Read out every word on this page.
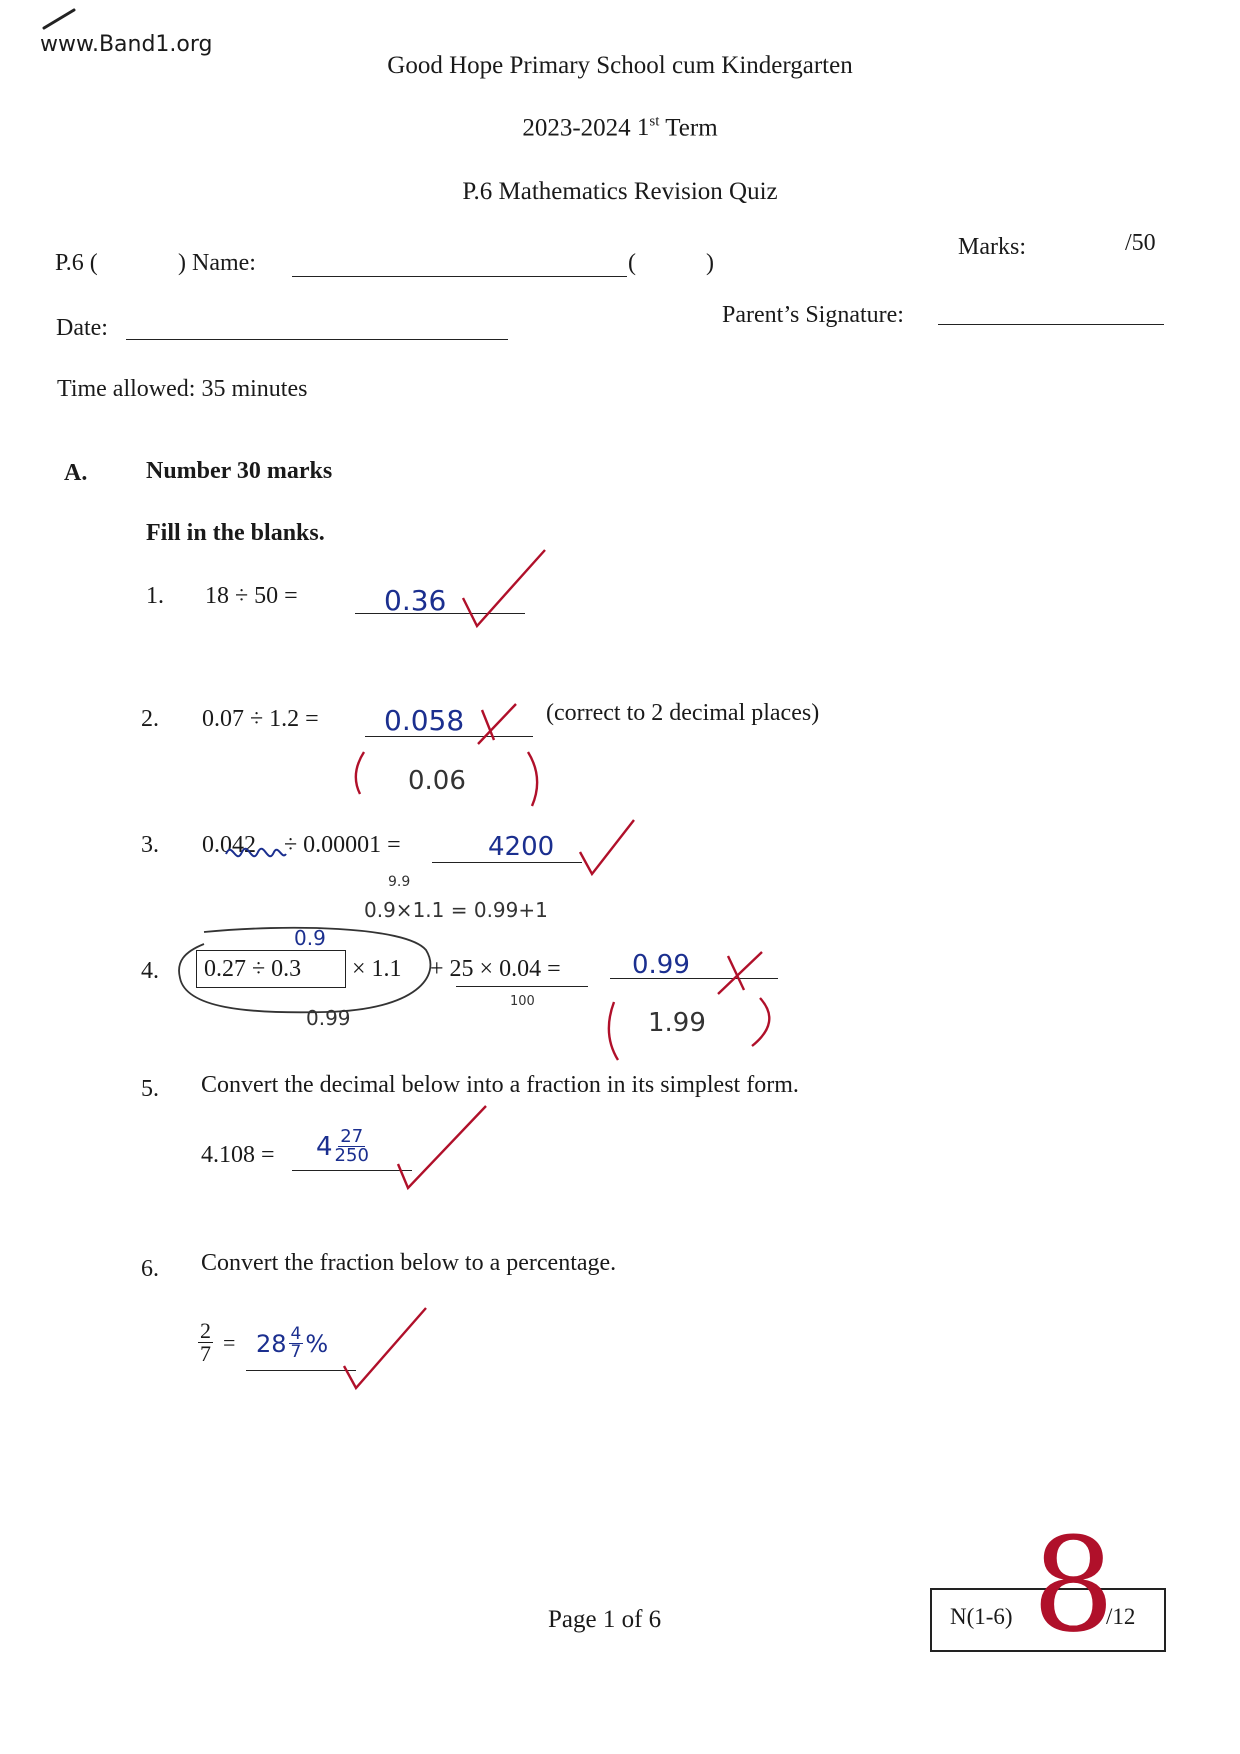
www.Band1.org
Good Hope Primary School cum Kindergarten
2023-2024 1st Term
P.6 Mathematics Revision Quiz
P.6 (	) Name:	(	)
Marks:	/50
Date:	Parent’s Signature:
Time allowed: 35 minutes
A. Number 30 marks
Fill in the blanks.
1. 18 ÷ 50 =	0.36
2. 0.07 ÷ 1.2 = 0.058	(correct to 2 decimal places)
0.06
3. 0.042 ÷ 0.00001 =	4200
9.9
0.9×1.1 = 0.99+1
0.9
4. 0.27 ÷ 0.3 × 1.1 + 25 × 0.04 =	0.99
100
0.99	1.99
5. Convert the decimal below into a fraction in its simplest form.
$4.108 = 4 \frac{27}{250}$
6. Convert the fraction below to a percentage.
$\frac{2}{7} = 28 \frac{4}{7}$ %
Page 1 of 6	N(1-6) 8
/12
